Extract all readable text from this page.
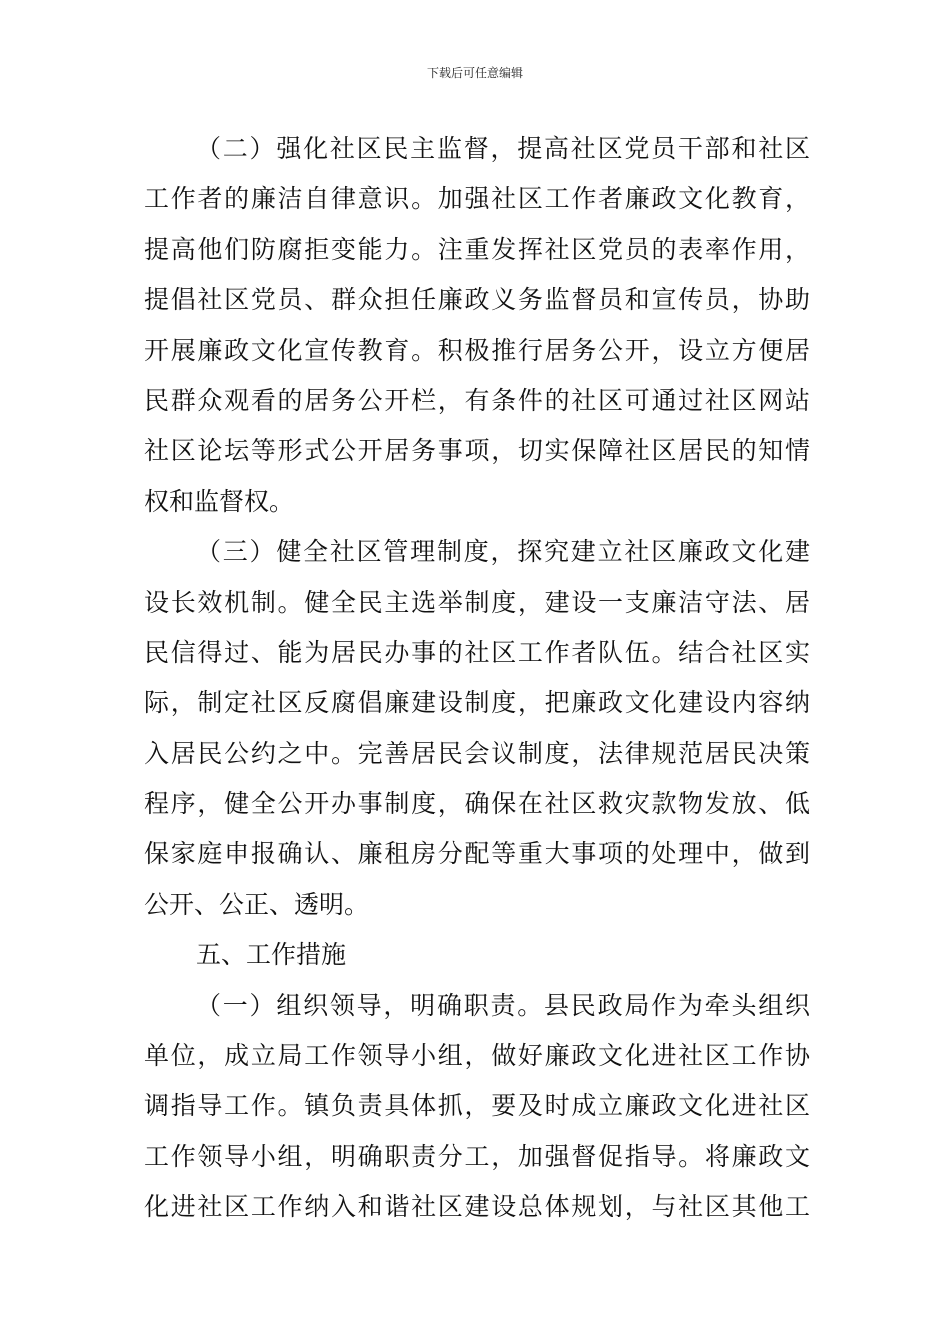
下载后可任意编辑
（二）强化社区民主监督，提高社区党员干部和社区
工作者的廉洁自律意识。加强社区工作者廉政文化教育，
提高他们防腐拒变能力。注重发挥社区党员的表率作用，
提倡社区党员、群众担任廉政义务监督员和宣传员，协助
开展廉政文化宣传教育。积极推行居务公开，设立方便居
民群众观看的居务公开栏，有条件的社区可通过社区网站
社区论坛等形式公开居务事项，切实保障社区居民的知情
权和监督权。
（三）健全社区管理制度，探究建立社区廉政文化建
设长效机制。健全民主选举制度，建设一支廉洁守法、居
民信得过、能为居民办事的社区工作者队伍。结合社区实
际，制定社区反腐倡廉建设制度，把廉政文化建设内容纳
入居民公约之中。完善居民会议制度，法律规范居民决策
程序，健全公开办事制度，确保在社区救灾款物发放、低
保家庭申报确认、廉租房分配等重大事项的处理中，做到
公开、公正、透明。
五、工作措施
（一）组织领导，明确职责。县民政局作为牵头组织
单位，成立局工作领导小组，做好廉政文化进社区工作协
调指导工作。镇负责具体抓，要及时成立廉政文化进社区
工作领导小组，明确职责分工，加强督促指导。将廉政文
化进社区工作纳入和谐社区建设总体规划，与社区其他工
